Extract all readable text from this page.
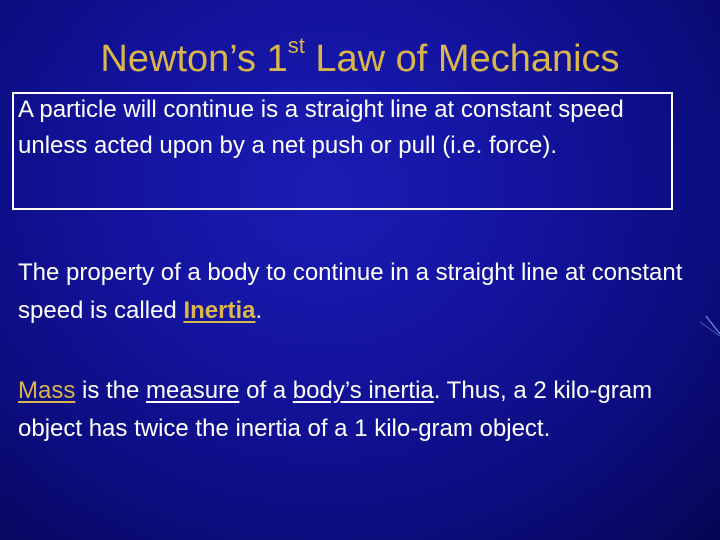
Newton’s 1st Law of Mechanics
A particle will continue is a straight line at constant speed unless acted upon by a net push or pull (i.e. force).
The property of a body to continue in a straight line at constant speed is called Inertia.
Mass is the measure of a body’s inertia. Thus, a 2 kilo-gram object has twice the inertia of a 1 kilo-gram object.
